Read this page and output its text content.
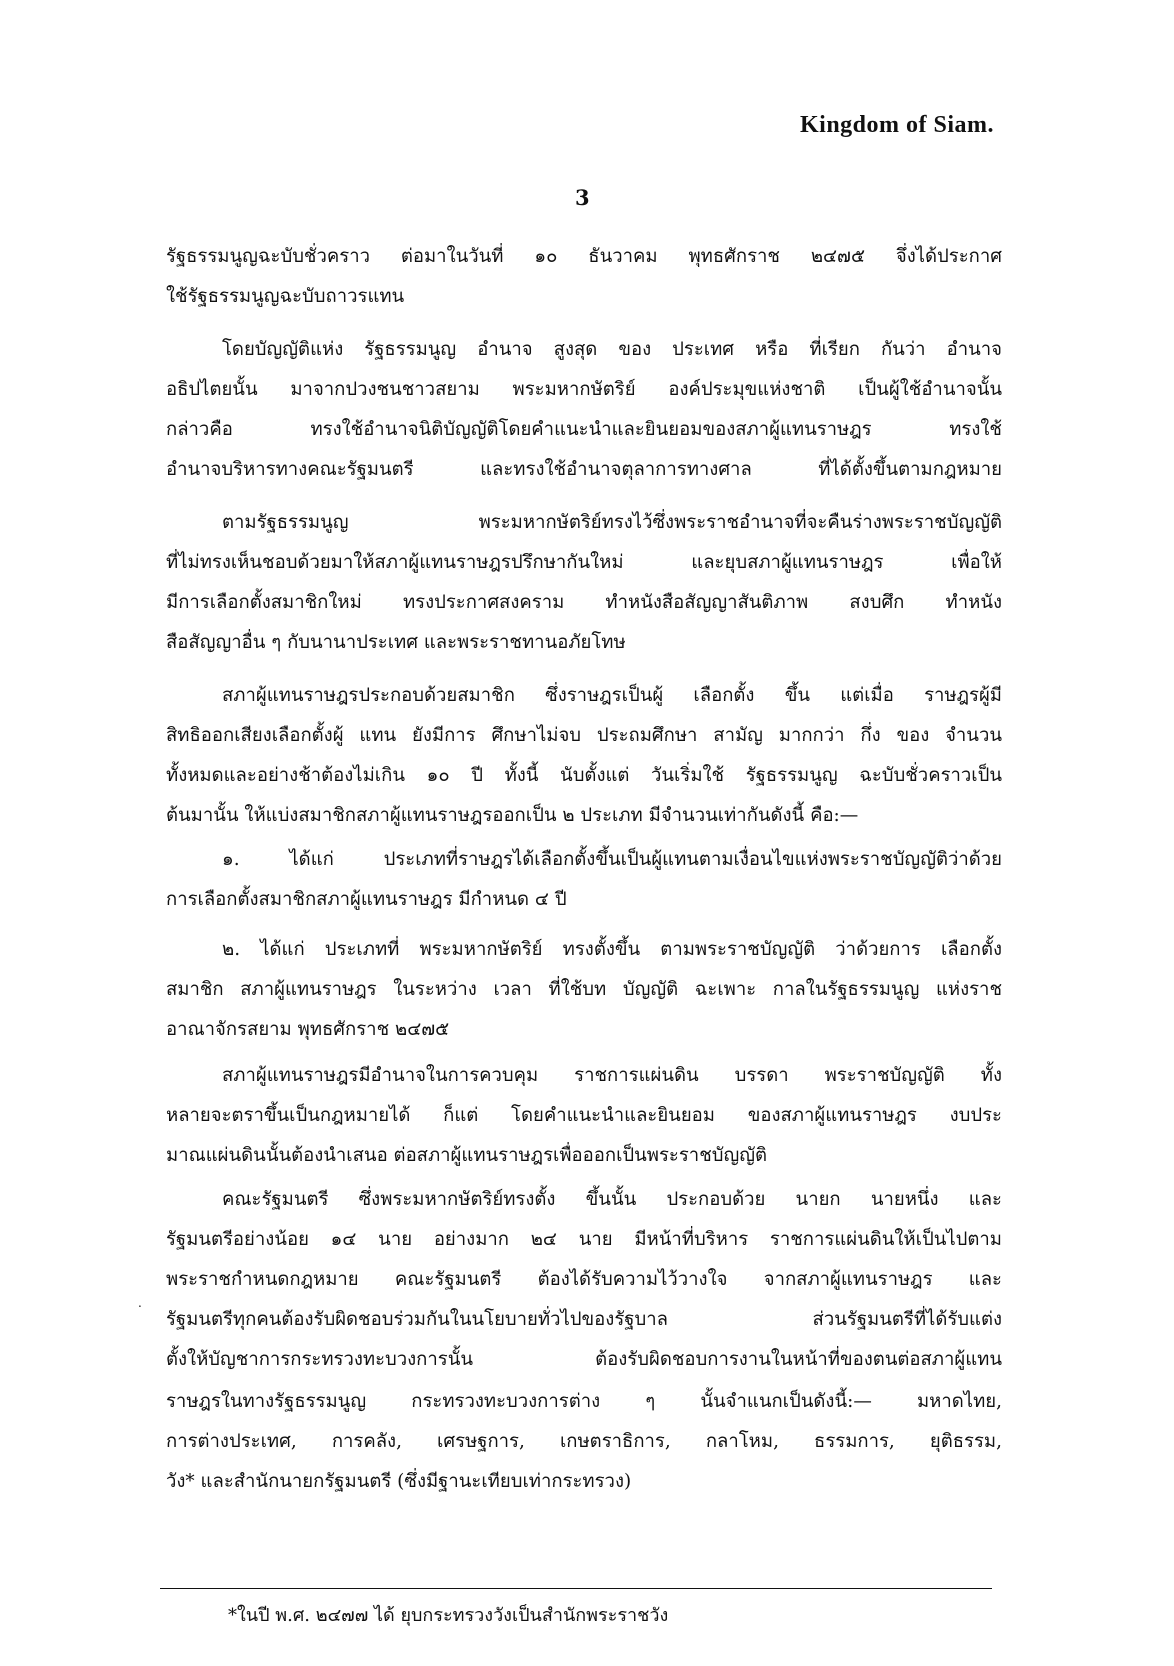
Kingdom of Siam.
3
รัฐธรรมนูญฉะบับชั่วคราว ต่อมาในวันที่ ๑๐ ธันวาคม พุทธศักราช ๒๔๗๕ จึ่งได้ประกาศ
ใช้รัฐธรรมนูญฉะบับถาวรแทน
โดยบัญญัติแห่ง รัฐธรรมนูญ อำนาจ สูงสุด ของ ประเทศ หรือ ที่เรียก กันว่า อำนาจ
อธิปไตยนั้น มาจากปวงชนชาวสยาม พระมหากษัตริย์ องค์ประมุขแห่งชาติ เป็นผู้ใช้อำนาจนั้น
กล่าวคือ ทรงใช้อำนาจนิติบัญญัติโดยคำแนะนำและยินยอมของสภาผู้แทนราษฎร ทรงใช้
อำนาจบริหารทางคณะรัฐมนตรี และทรงใช้อำนาจตุลาการทางศาล ที่ได้ตั้งขึ้นตามกฎหมาย
ตามรัฐธรรมนูญ พระมหากษัตริย์ทรงไว้ซึ่งพระราชอำนาจที่จะคืนร่างพระราชบัญญัติ
ที่ไม่ทรงเห็นชอบด้วยมาให้สภาผู้แทนราษฎรปรึกษากันใหม่ และยุบสภาผู้แทนราษฎร เพื่อให้
มีการเลือกตั้งสมาชิกใหม่ ทรงประกาศสงคราม ทำหนังสือสัญญาสันติภาพ สงบศึก ทำหนัง
สือสัญญาอื่น ๆ กับนานาประเทศ และพระราชทานอภัยโทษ
สภาผู้แทนราษฎรประกอบด้วยสมาชิก ซึ่งราษฎรเป็นผู้ เลือกตั้ง ขึ้น แต่เมื่อ ราษฎรผู้มี
สิทธิออกเสียงเลือกตั้งผู้ แทน ยังมีการ ศึกษาไม่จบ ประถมศึกษา สามัญ มากกว่า กึ่ง ของ จำนวน
ทั้งหมดและอย่างช้าต้องไม่เกิน ๑๐ ปี ทั้งนี้ นับตั้งแต่ วันเริ่มใช้ รัฐธรรมนูญ ฉะบับชั่วคราวเป็น
ต้นมานั้น ให้แบ่งสมาชิกสภาผู้แทนราษฎรออกเป็น ๒ ประเภท มีจำนวนเท่ากันดังนี้ คือ:—
๑. ได้แก่ ประเภทที่ราษฎรได้เลือกตั้งขึ้นเป็นผู้แทนตามเงื่อนไขแห่งพระราชบัญญัติว่าด้วย
การเลือกตั้งสมาชิกสภาผู้แทนราษฎร มีกำหนด ๔ ปี
๒. ได้แก่ ประเภทที่ พระมหากษัตริย์ ทรงตั้งขึ้น ตามพระราชบัญญัติ ว่าด้วยการ เลือกตั้ง
สมาชิก สภาผู้แทนราษฎร ในระหว่าง เวลา ที่ใช้บท บัญญัติ ฉะเพาะ กาลในรัฐธรรมนูญ แห่งราช
อาณาจักรสยาม พุทธศักราช ๒๔๗๕
สภาผู้แทนราษฎรมีอำนาจในการควบคุม ราชการแผ่นดิน บรรดา พระราชบัญญัติ ทั้ง
หลายจะตราขึ้นเป็นกฎหมายได้ ก็แต่ โดยคำแนะนำและยินยอม ของสภาผู้แทนราษฎร งบประ
มาณแผ่นดินนั้นต้องนำเสนอ ต่อสภาผู้แทนราษฎรเพื่อออกเป็นพระราชบัญญัติ
คณะรัฐมนตรี ซึ่งพระมหากษัตริย์ทรงตั้ง ขึ้นนั้น ประกอบด้วย นายก นายหนึ่ง และ
รัฐมนตรีอย่างน้อย ๑๔ นาย อย่างมาก ๒๔ นาย มีหน้าที่บริหาร ราชการแผ่นดินให้เป็นไปตาม
พระราชกำหนดกฎหมาย คณะรัฐมนตรี ต้องได้รับความไว้วางใจ จากสภาผู้แทนราษฎร และ
รัฐมนตรีทุกคนต้องรับผิดชอบร่วมกันในนโยบายทั่วไปของรัฐบาล ส่วนรัฐมนตรีที่ได้รับแต่ง
ตั้งให้บัญชาการกระทรวงทะบวงการนั้น ต้องรับผิดชอบการงานในหน้าที่ของตนต่อสภาผู้แทน
ราษฎรในทางรัฐธรรมนูญ กระทรวงทะบวงการต่าง ๆ นั้นจำแนกเป็นดังนี้:— มหาดไทย,
การต่างประเทศ, การคลัง, เศรษฐการ, เกษตราธิการ, กลาโหม, ธรรมการ, ยุติธรรม,
วัง* และสำนักนายกรัฐมนตรี (ซึ่งมีฐานะเทียบเท่ากระทรวง)
.
*ในปี พ.ศ. ๒๔๗๗ ได้ ยุบกระทรวงวังเป็นสำนักพระราชวัง
